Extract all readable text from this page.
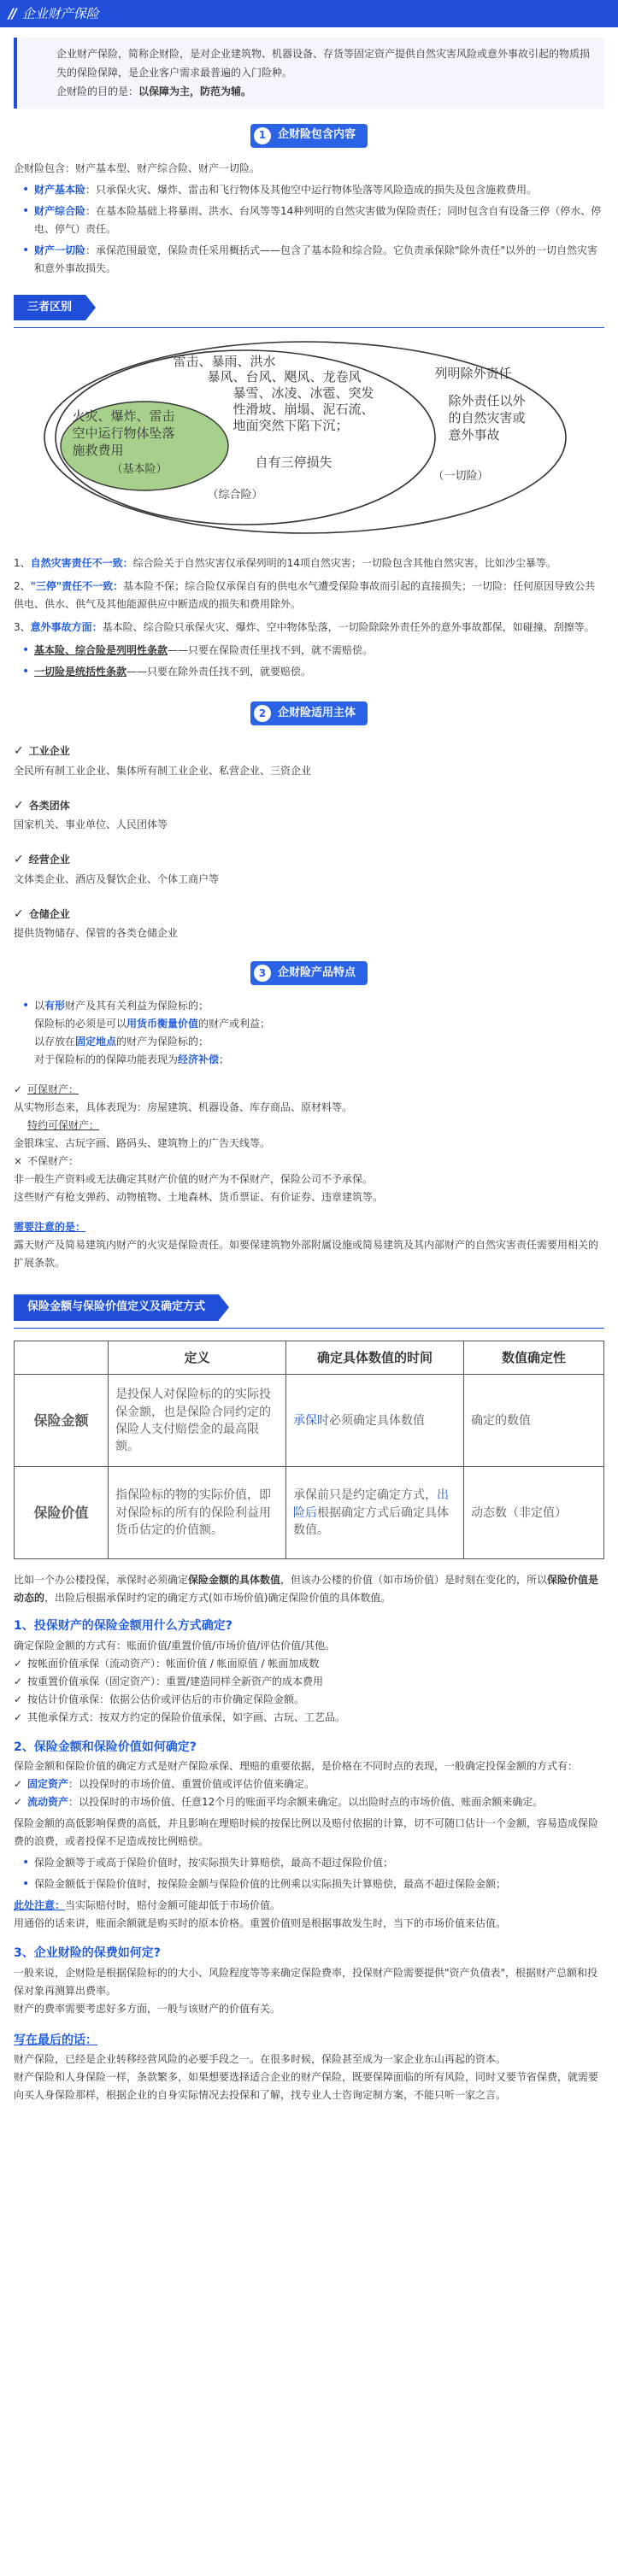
// 企业财产保险

企业财产保险，简称企财险，是对企业建筑物、机器设备、存货等固定资产提供自然灾害风险或意外事故引起的物质损失的保险保障，是企业客户需求最普遍的入门险种。

企财险的目的是：以保障为主，防范为辅。

1	企财险包含内容

企财险包含：财产基本型、财产综合险、财产一切险。

• 财产基本险：只承保火灾、爆炸、雷击和飞行物体及其他空中运行物体坠落等风险造成的损失及包含施救费用。
• 财产综合险：在基本险基础上将暴雨、洪水、台风等等14种列明的自然灾害做为保险责任；同时包含自有设备三停（停水、停电、停气）责任。
• 财产一切险：承保范围最宽，保险责任采用概括式——包含了基本险和综合险。它负责承保除"除外责任"以外的一切自然灾害和意外事故损失。
三者区别
雷击、暴雨、洪水
暴风、台风、飓风、龙卷风
暴雪、冰凌、冰雹、突发
性滑坡、崩塌、泥石流、
地面突然下陷下沉；
火灾、爆炸、雷击
空中运行物体坠落
施救费用
（基本险）	自有三停损失
（综合险）
列明除外责任
除外责任以外
的自然灾害或
意外事故
（一切险）

1、自然灾害责任不一致：综合险关于自然灾害仅承保列明的14项自然灾害；一切险包含其他自然灾害，比如沙尘暴等。

2、"三停"责任不一致：基本险不保；综合险仅承保自有的供电水气遭受保险事故而引起的直接损失；一切险：任何原因导致公共供电、供水、供气及其他能源供应中断造成的损失和费用除外。

3、意外事故方面：基本险、综合险只承保火灾、爆炸、空中物体坠落，一切险除除外责任外的意外事故都保，如碰撞、刮擦等。

• 基本险、综合险是列明性条款——只要在保险责任里找不到，就不需赔偿。
• 一切险是统括性条款——只要在除外责任找不到，就要赔偿。
2	企财险适用主体
✓ 工业企业

全民所有制工业企业、集体所有制工业企业、私营企业、三资企业

✓ 各类团体

国家机关、事业单位、人民团体等

✓ 经营企业

文体类企业、酒店及餐饮企业、个体工商户等

✓ 仓储企业

提供货物储存、保管的各类仓储企业

3	企财险产品特点
• 以有形财产及其有关利益为保险标的；
保险标的必须是可以用货币衡量价值的财产或利益；
以存放在固定地点的财产为保险标的；
对于保险标的的保障功能表现为经济补偿；
✓ 可保财产：

从实物形态来，具体表现为：房屋建筑、机器设备、库存商品、原材料等。

特约可保财产：

金银珠宝、古玩字画、路码头、建筑物上的广告天线等。

× 不保财产：

非一般生产资料或无法确定其财产价值的财产为不保财产，保险公司不予承保。

这些财产有枪支弹药、动物植物、土地森林、货币票证、有价证券、违章建筑等。

需要注意的是：

露天财产及简易建筑内财产的火灾是保险责任。如要保建筑物外部附属设施或简易建筑及其内部财产的自然灾害责任需要用相关的扩展条款。

保险金额与保险价值定义及确定方式
	定义	确定具体数值的时间	数值确定性
保险金额	是投保人对保险标的的实际投保金额，也是保险合同约定的保险人支付赔偿金的最高限额。	承保时必须确定具体数值	确定的数值
保险价值	指保险标的物的实际价值，即对保险标的所有的保险利益用货币估定的价值额。	承保前只是约定确定方式，出险后根据确定方式后确定具体数值。	动态数（非定值）

比如一个办公楼投保，承保时必须确定保险金额的具体数值，但该办公楼的价值（如市场价值）是时刻在变化的，所以保险价值是动态的，出险后根据承保时约定的确定方式(如市场价值)确定保险价值的具体数值。

1、投保财产的保险金额用什么方式确定?

确定保险金额的方式有：账面价值/重置价值/市场价值/评估价值/其他。

✓ 按帐面价值承保（流动资产）：帐面价值 / 帐面原值 / 帐面加成数
✓ 按重置价值承保（固定资产）：重置/建造同样全新资产的成本费用
✓ 按估计价值承保：依据公估价或评估后的市价确定保险金额。
✓ 其他承保方式：按双方约定的保险价值承保，如字画、古玩、工艺品。

2、保险金额和保险价值如何确定?

保险金额和保险价值的确定方式是财产保险承保、理赔的重要依据，是价格在不同时点的表现，一般确定投保金额的方式有：

✓ 固定资产：以投保时的市场价值、重置价值或评估价值来确定。
✓ 流动资产：以投保时的市场价值、任意12个月的账面平均余额来确定。以出险时点的市场价值、账面余额来确定。

保险金额的高低影响保费的高低，并且影响在理赔时候的按保比例以及赔付依据的计算，切不可随口估计一个金额，容易造成保险费的浪费，或者投保不足造成按比例赔偿。

• 保险金额等于或高于保险价值时，按实际损失计算赔偿，最高不超过保险价值；
• 保险金额低于保险价值时，按保险金额与保险价值的比例乘以实际损失计算赔偿，最高不超过保险金额；

此处注意：当实际赔付时，赔付金额可能却低于市场价值。

用通俗的话来讲，账面余额就是购买时的原本价格。重置价值则是根据事故发生时，当下的市场价值来估值。

3、企业财险的保费如何定?

一般来说，企财险是根据保险标的的大小、风险程度等等来确定保险费率，投保财产险需要提供"资产负债表"，根据财产总额和投保对象再测算出费率。

财产的费率需要考虑好多方面，一般与该财产的价值有关。

写在最后的话：

财产保险，已经是企业转移经营风险的必要手段之一。在很多时候，保险甚至成为一家企业东山再起的资本。

财产保险和人身保险一样，条款繁多，如果想要选择适合企业的财产保险，既要保障面临的所有风险，同时又要节省保费，就需要向买人身保险那样，根据企业的自身实际情况去投保和了解，找专业人士咨询定制方案，不能只听一家之言。
